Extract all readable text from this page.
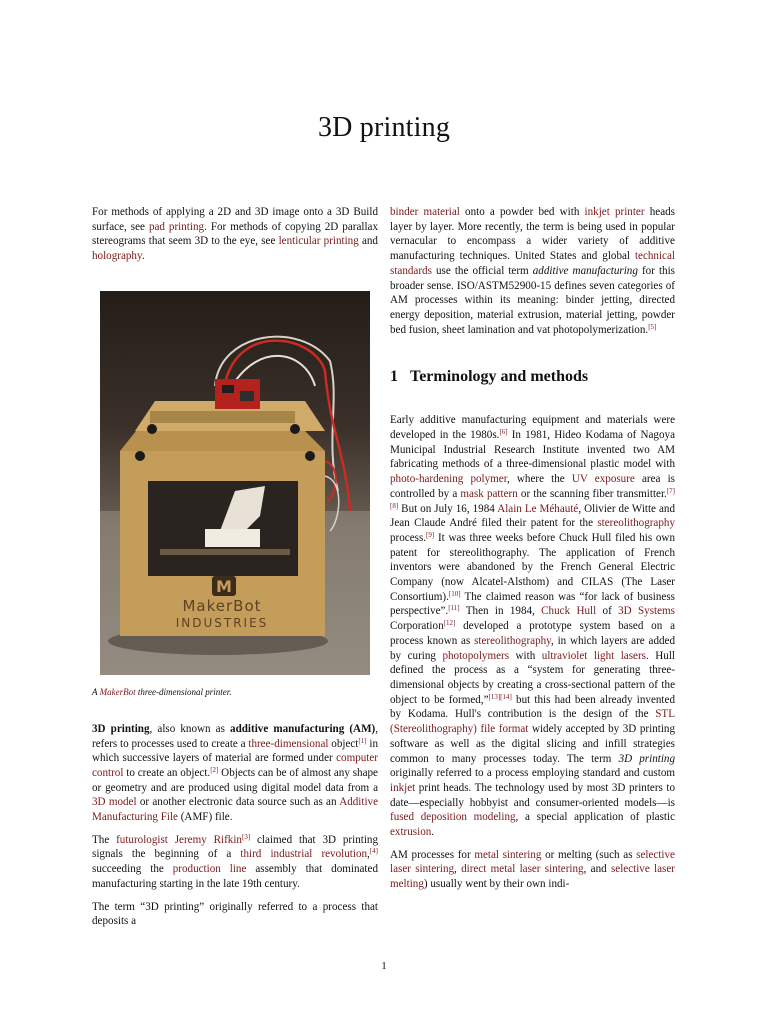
3D printing

For methods of applying a 2D and 3D image onto a 3D Build surface, see pad printing. For methods of copying 2D parallax stereograms that seem 3D to the eye, see lenticular printing and holography.

M
MakerBot
INDUSTRIES
A MakerBot three-dimensional printer.

3D printing, also known as additive manufacturing (AM), refers to processes used to create a three-dimensional object[1] in which successive layers of material are formed under computer control to create an object.[2] Objects can be of almost any shape or geometry and are produced using digital model data from a 3D model or another electronic data source such as an Additive Manufacturing File (AMF) file.

The futurologist Jeremy Rifkin[3] claimed that 3D printing signals the beginning of a third industrial revolution,[4] succeeding the production line assembly that dominated manufacturing starting in the late 19th century.

The term “3D printing” originally referred to a process that deposits a

binder material onto a powder bed with inkjet printer heads layer by layer. More recently, the term is being used in popular vernacular to encompass a wider variety of additive manufacturing techniques. United States and global technical standards use the official term additive manufacturing for this broader sense. ISO/ASTM52900-15 defines seven categories of AM processes within its meaning: binder jetting, directed energy deposition, material extrusion, material jetting, powder bed fusion, sheet lamination and vat photopolymerization.[5]

1 Terminology and methods

Early additive manufacturing equipment and materials were developed in the 1980s.[6] In 1981, Hideo Kodama of Nagoya Municipal Industrial Research Institute invented two AM fabricating methods of a three-dimensional plastic model with photo-hardening polymer, where the UV exposure area is controlled by a mask pattern or the scanning fiber transmitter.[7][8] But on July 16, 1984 Alain Le Méhauté, Olivier de Witte and Jean Claude André filed their patent for the stereolithography process.[9] It was three weeks before Chuck Hull filed his own patent for stereolithography. The application of French inventors were abandoned by the French General Electric Company (now Alcatel-Alsthom) and CILAS (The Laser Consortium).[10] The claimed reason was “for lack of business perspective”.[11] Then in 1984, Chuck Hull of 3D Systems Corporation[12] developed a prototype system based on a process known as stereolithography, in which layers are added by curing photopolymers with ultraviolet light lasers. Hull defined the process as a “system for generating three-dimensional objects by creating a cross-sectional pattern of the object to be formed,”[13][14] but this had been already invented by Kodama. Hull's contribution is the design of the STL (Stereolithography) file format widely accepted by 3D printing software as well as the digital slicing and infill strategies common to many processes today. The term 3D printing originally referred to a process employing standard and custom inkjet print heads. The technology used by most 3D printers to date—especially hobbyist and consumer-oriented models—is fused deposition modeling, a special application of plastic extrusion.

AM processes for metal sintering or melting (such as selective laser sintering, direct metal laser sintering, and selective laser melting) usually went by their own indi-

1
